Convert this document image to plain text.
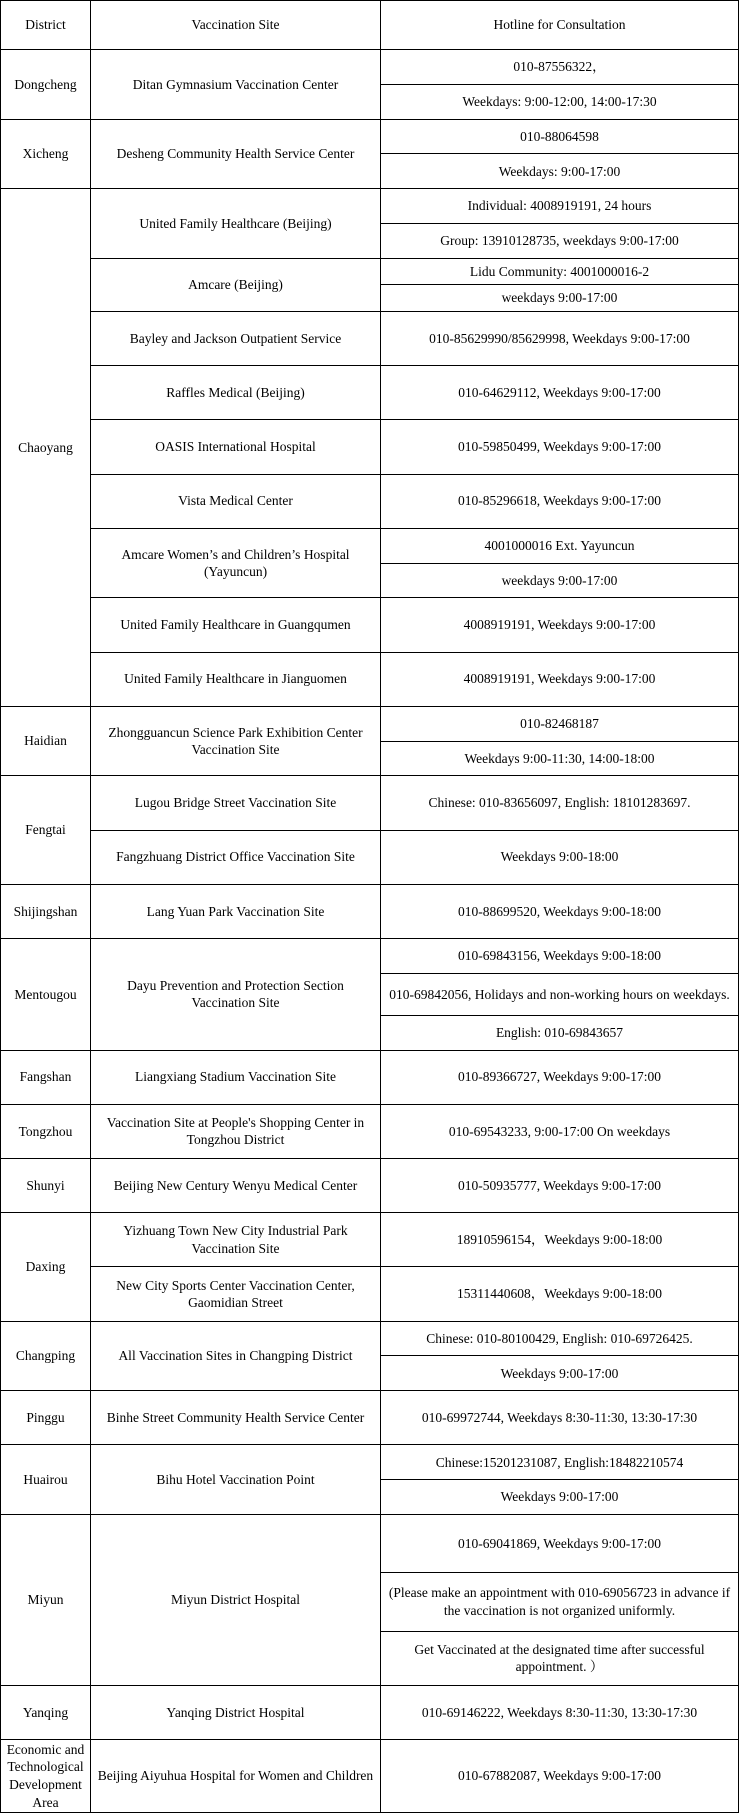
District	Vaccination Site	Hotline for Consultation
Dongcheng	Ditan Gymnasium Vaccination Center	010-87556322，
		Weekdays: 9:00-12:00, 14:00-17:30
Xicheng	Desheng Community Health Service Center	010-88064598
		Weekdays: 9:00-17:00
Chaoyang	United Family Healthcare (Beijing)	Individual: 4008919191, 24 hours
		Group: 13910128735, weekdays 9:00-17:00
	Amcare (Beijing)	Lidu Community: 4001000016-2
		weekdays 9:00-17:00
	Bayley and Jackson Outpatient Service	010-85629990/85629998, Weekdays 9:00-17:00
	Raffles Medical (Beijing)	010-64629112, Weekdays 9:00-17:00
	OASIS International Hospital	010-59850499, Weekdays 9:00-17:00
	Vista Medical Center	010-85296618, Weekdays 9:00-17:00
	Amcare Women’s and Children’s Hospital (Yayuncun)	4001000016 Ext. Yayuncun
		weekdays 9:00-17:00
	United Family Healthcare in Guangqumen	4008919191, Weekdays 9:00-17:00
	United Family Healthcare in Jianguomen	4008919191, Weekdays 9:00-17:00
Haidian	Zhongguancun Science Park Exhibition Center Vaccination Site	010-82468187
		Weekdays 9:00-11:30, 14:00-18:00
Fengtai	Lugou Bridge Street Vaccination Site	Chinese: 010-83656097, English: 18101283697.
	Fangzhuang District Office Vaccination Site	Weekdays 9:00-18:00
Shijingshan	Lang Yuan Park Vaccination Site	010-88699520, Weekdays 9:00-18:00
Mentougou	Dayu Prevention and Protection Section Vaccination Site	010-69843156, Weekdays 9:00-18:00
		010-69842056, Holidays and non-working hours on weekdays.
		English: 010-69843657
Fangshan	Liangxiang Stadium Vaccination Site	010-89366727, Weekdays 9:00-17:00
Tongzhou	Vaccination Site at People's Shopping Center in Tongzhou District	010-69543233, 9:00-17:00 On weekdays
Shunyi	Beijing New Century Wenyu Medical Center	010-50935777, Weekdays 9:00-17:00
Daxing	Yizhuang Town New City Industrial Park Vaccination Site	18910596154，Weekdays 9:00-18:00
	New City Sports Center Vaccination Center, Gaomidian Street	15311440608，Weekdays 9:00-18:00
Changping	All Vaccination Sites in Changping District	Chinese: 010-80100429, English: 010-69726425.
		Weekdays 9:00-17:00
Pinggu	Binhe Street Community Health Service Center	010-69972744, Weekdays 8:30-11:30, 13:30-17:30
Huairou	Bihu Hotel Vaccination Point	Chinese:15201231087, English:18482210574
		Weekdays 9:00-17:00
Miyun	Miyun District Hospital	010-69041869, Weekdays 9:00-17:00
		(Please make an appointment with 010-69056723 in advance if the vaccination is not organized uniformly.
		Get Vaccinated at the designated time after successful appointment. ）
Yanqing	Yanqing District Hospital	010-69146222, Weekdays 8:30-11:30, 13:30-17:30
Economic and Technological Development Area	Beijing Aiyuhua Hospital for Women and Children	010-67882087, Weekdays 9:00-17:00
